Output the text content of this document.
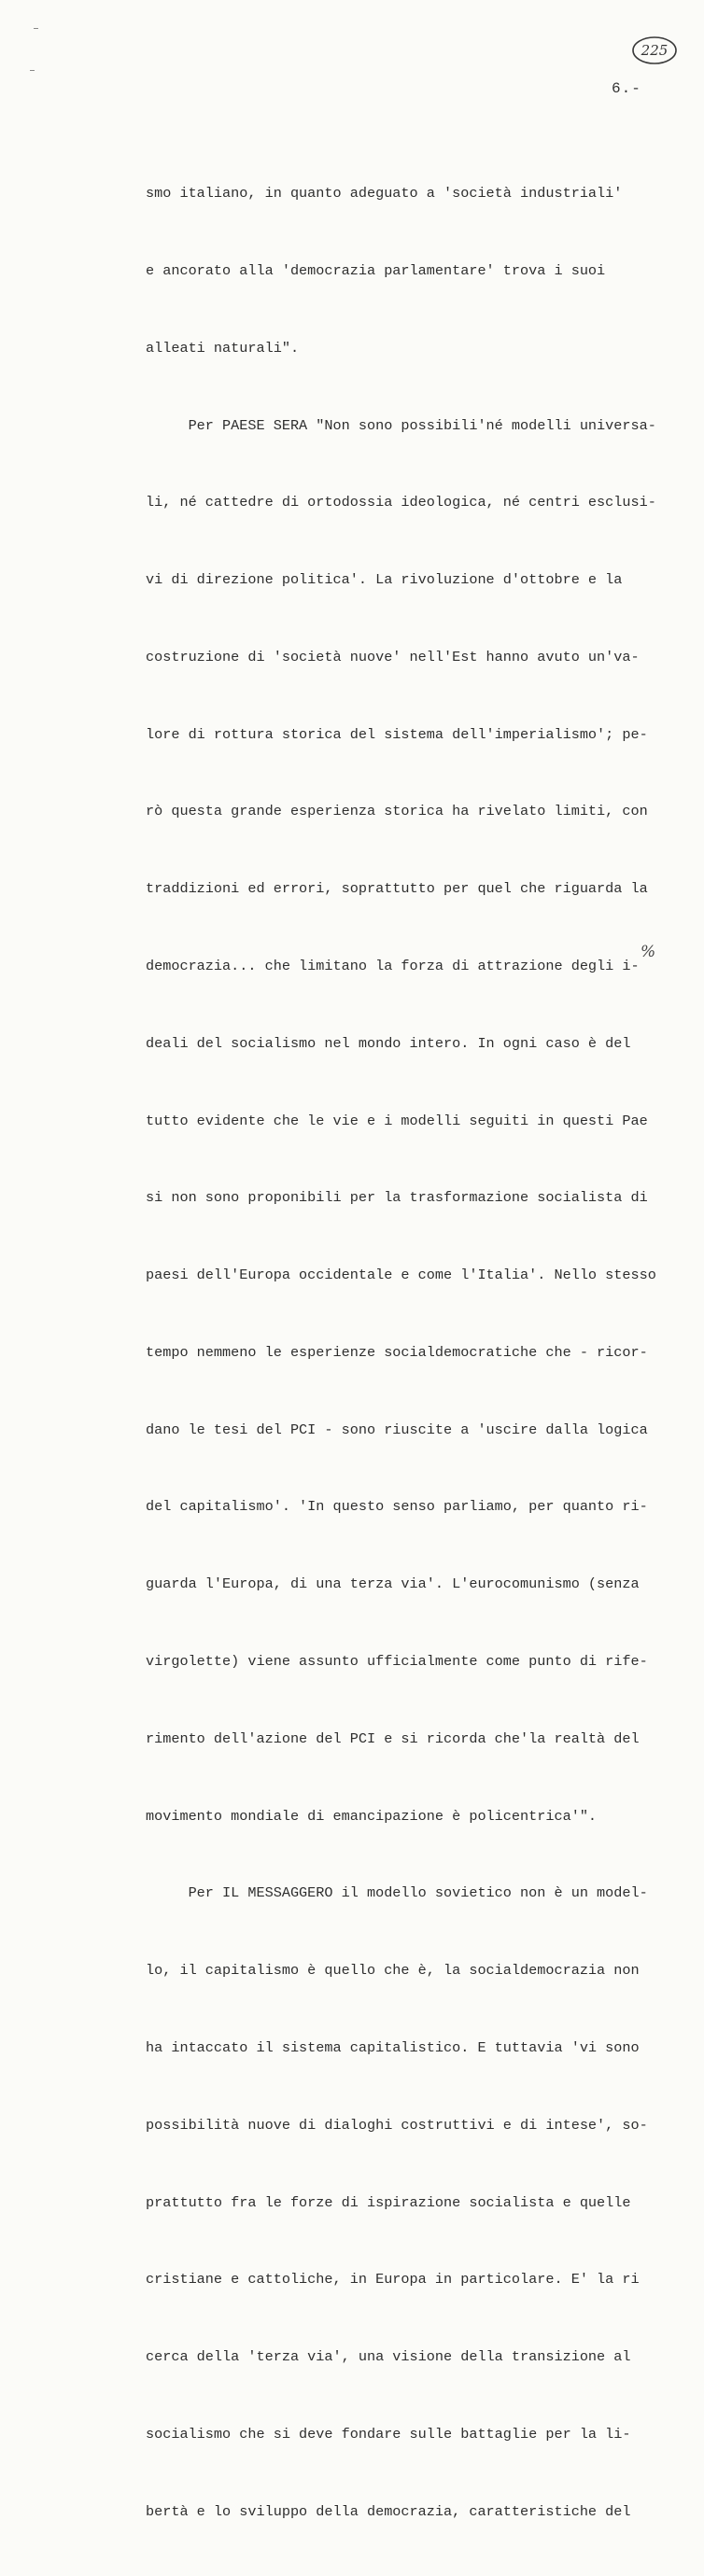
225
6.-

smo italiano, in quanto adeguato a 'società industriali'

e ancorato alla 'democrazia parlamentare' trova i suoi

alleati naturali".

Per PAESE SERA "Non sono possibili'né modelli universa-

li, né cattedre di ortodossia ideologica, né centri esclusi-

vi di direzione politica'. La rivoluzione d'ottobre e la

costruzione di 'società nuove' nell'Est hanno avuto un'va-

lore di rottura storica del sistema dell'imperialismo'; pe-

rò questa grande esperienza storica ha rivelato limiti, con

traddizioni ed errori, soprattutto per quel che riguarda la

democrazia... che limitano la forza di attrazione degli i-

deali del socialismo nel mondo intero. In ogni caso è del

tutto evidente che le vie e i modelli seguiti in questi Pae

si non sono proponibili per la trasformazione socialista di

paesi dell'Europa occidentale e come l'Italia'. Nello stesso

tempo nemmeno le esperienze socialdemocratiche che - ricor-

dano le tesi del PCI - sono riuscite a 'uscire dalla logica

del capitalismo'. 'In questo senso parliamo, per quanto ri-

guarda l'Europa, di una terza via'. L'eurocomunismo (senza

virgolette) viene assunto ufficialmente come punto di rife-

rimento dell'azione del PCI e si ricorda che'la realtà del

movimento mondiale di emancipazione è policentrica'".

Per IL MESSAGGERO il modello sovietico non è un model-

lo, il capitalismo è quello che è, la socialdemocrazia non

ha intaccato il sistema capitalistico. E tuttavia 'vi sono

possibilità nuove di dialoghi costruttivi e di intese', so-

prattutto fra le forze di ispirazione socialista e quelle

cristiane e cattoliche, in Europa in particolare. E' la ri

cerca della 'terza via', una visione della transizione al

socialismo che si deve fondare sulle battaglie per la li-

bertà e lo sviluppo della democrazia, caratteristiche del

%
